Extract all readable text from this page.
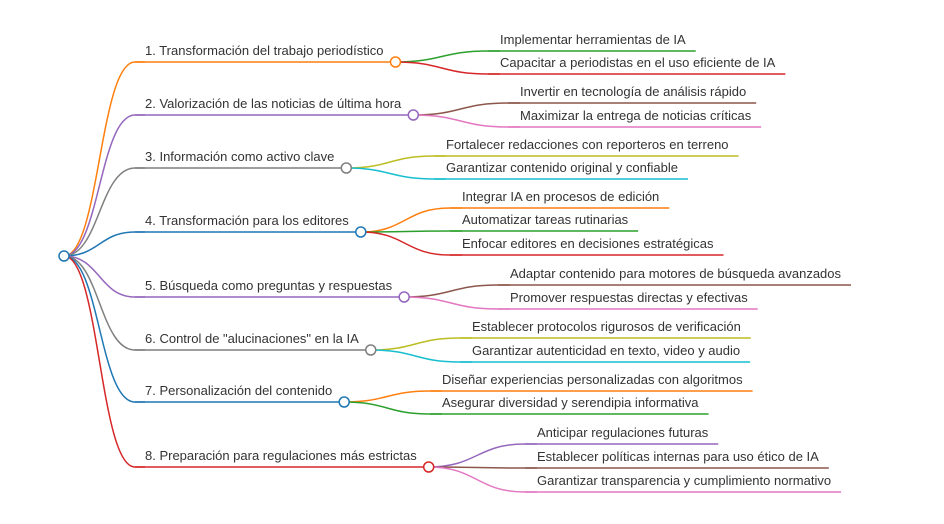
1. Transformación del trabajo periodístico
Implementar herramientas de IA
Capacitar a periodistas en el uso eficiente de IA
2. Valorización de las noticias de última hora
Invertir en tecnología de análisis rápido
Maximizar la entrega de noticias críticas
3. Información como activo clave
Fortalecer redacciones con reporteros en terreno
Garantizar contenido original y confiable
4. Transformación para los editores
Integrar IA en procesos de edición
Automatizar tareas rutinarias
Enfocar editores en decisiones estratégicas
5. Búsqueda como preguntas y respuestas
Adaptar contenido para motores de búsqueda avanzados
Promover respuestas directas y efectivas
6. Control de "alucinaciones" en la IA
Establecer protocolos rigurosos de verificación
Garantizar autenticidad en texto, video y audio
7. Personalización del contenido
Diseñar experiencias personalizadas con algoritmos
Asegurar diversidad y serendipia informativa
8. Preparación para regulaciones más estrictas
Anticipar regulaciones futuras
Establecer políticas internas para uso ético de IA
Garantizar transparencia y cumplimiento normativo
